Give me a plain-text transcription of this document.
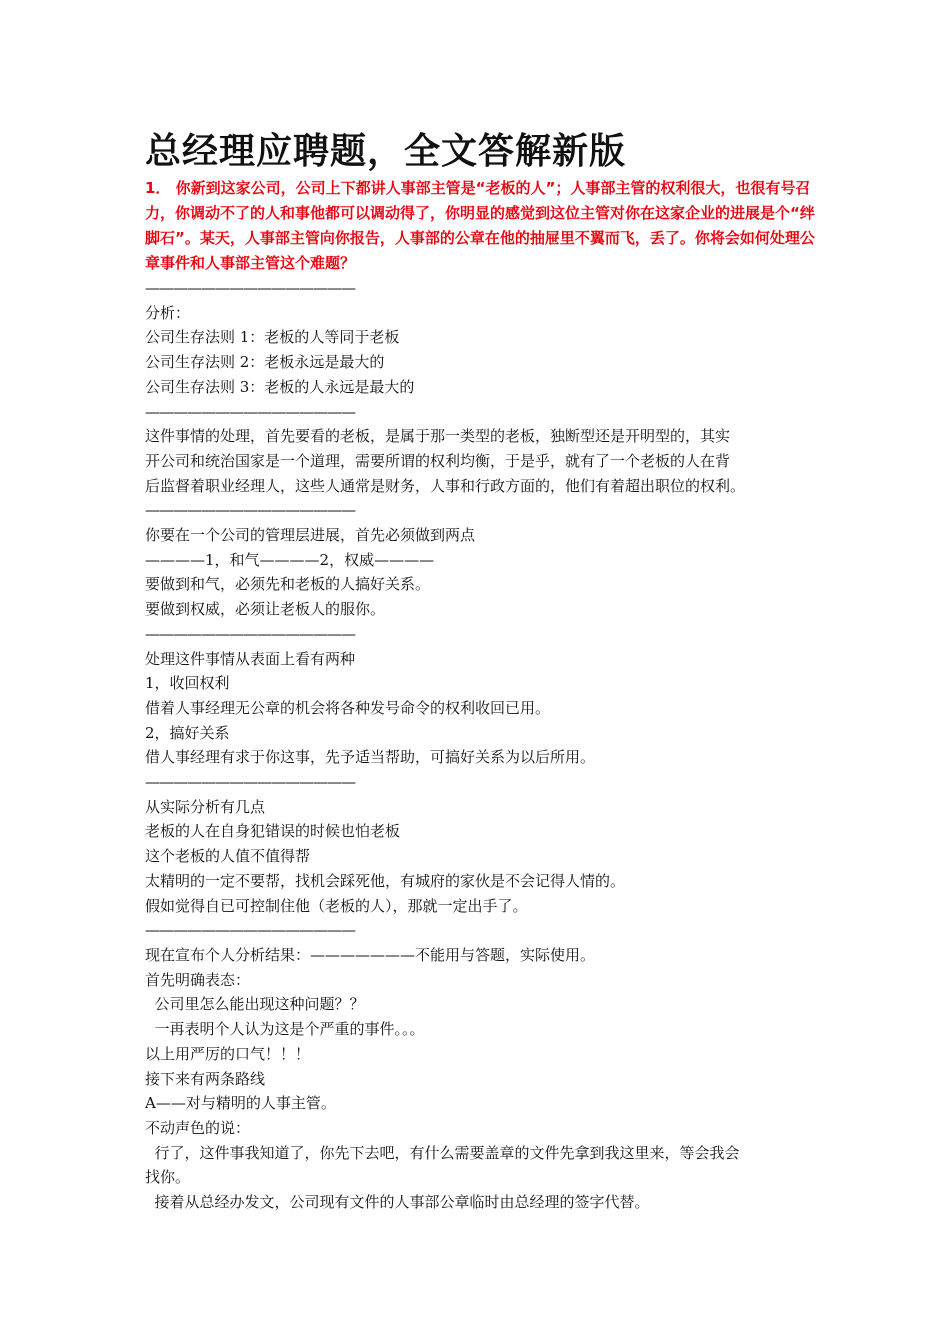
总经理应聘题，全文答解新版
1． 你新到这家公司，公司上下都讲人事部主管是“老板的人”；人事部主管的权利很大，也很有号召力，你调动不了的人和事他都可以调动得了，你明显的感觉到这位主管对你在这家企业的进展是个“绊脚石”。某天，人事部主管向你报告，人事部的公章在他的抽屉里不翼而飞，丢了。你将会如何处理公章事件和人事部主管这个难题？
———————————————
分析：
公司生存法则 1：老板的人等同于老板
公司生存法则 2：老板永远是最大的
公司生存法则 3：老板的人永远是最大的
———————————————
这件事情的处理，首先要看的老板，是属于那一类型的老板，独断型还是开明型的，其实
开公司和统治国家是一个道理，需要所谓的权利均衡，于是乎，就有了一个老板的人在背
后监督着职业经理人，这些人通常是财务，人事和行政方面的，他们有着超出职位的权利。
———————————————
你要在一个公司的管理层进展，首先必须做到两点
————1，和气————2，权威————
要做到和气，必须先和老板的人搞好关系。
要做到权威，必须让老板人的服你。
———————————————
处理这件事情从表面上看有两种
1，收回权利
借着人事经理无公章的机会将各种发号命令的权利收回已用。
2，搞好关系
借人事经理有求于你这事，先予适当帮助，可搞好关系为以后所用。
———————————————
从实际分析有几点
老板的人在自身犯错误的时候也怕老板
这个老板的人值不值得帮
太精明的一定不要帮，找机会踩死他，有城府的家伙是不会记得人情的。
假如觉得自已可控制住他（老板的人），那就一定出手了。
———————————————
现在宣布个人分析结果：———————不能用与答题，实际使用。
首先明确表态：
公司里怎么能出现这种问题？？
一再表明个人认为这是个严重的事件。。。
以上用严厉的口气！！！
接下来有两条路线
A——对与精明的人事主管。
不动声色的说：
行了，这件事我知道了，你先下去吧，有什么需要盖章的文件先拿到我这里来，等会我会
找你。
接着从总经办发文，公司现有文件的人事部公章临时由总经理的签字代替。
